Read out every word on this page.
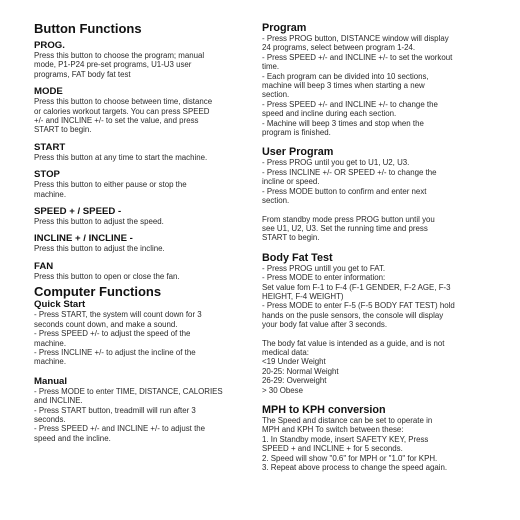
Button Functions
PROG.
Press this button to choose the program; manual
mode, P1-P24 pre-set programs, U1-U3 user
programs, FAT body fat test
MODE
Press this button to choose between time, distance
or calories workout targets. You can press SPEED
+/- and INCLINE +/- to set the value, and press
START to begin.
START
Press this button at any time to start the machine.
STOP
Press this button to either pause or stop the
machine.
SPEED + / SPEED -
Press this button to adjust the speed.
INCLINE + / INCLINE -
Press this button to adjust the incline.
FAN
Press this button to open or close the fan.
Computer Functions
Quick Start
- Press START, the system will count down for 3
seconds count down, and make a sound.
- Press SPEED +/- to adjust the speed of the
machine.
- Press INCLINE +/- to adjust the incline of the
machine.
Manual
- Press MODE to enter TIME, DISTANCE, CALORIES
and INCLINE.
- Press START button, treadmill will run after 3
seconds.
- Press SPEED +/- and INCLINE +/- to adjust the
speed and the incline.
Program
- Press PROG button, DISTANCE window will display
24 programs, select between program 1-24.
- Press SPEED +/- and INCLINE +/- to set the workout
time.
- Each program can be divided into 10 sections,
machine will beep 3 times when starting a new
section.
- Press SPEED +/- and INCLINE +/- to change the
speed and incline during each section.
- Machine will beep 3 times and stop when the
program is finished.
User Program
- Press PROG until you get to U1, U2, U3.
- Press INCLINE +/- OR SPEED +/- to change the
incline or speed.
- Press MODE button to confirm and enter next
section.
From standby mode press PROG button until you
see U1, U2, U3. Set the running time and press
START to begin.
Body Fat Test
- Press PROG untill you get to FAT.
- Press MODE to enter information:
Set value fom F-1 to F-4 (F-1 GENDER, F-2 AGE, F-3
HEIGHT, F-4 WEIGHT)
- Press MODE to enter F-5 (F-5 BODY FAT TEST) hold
hands on the pusle sensors, the console will display
your body fat value after 3 seconds.
The body fat value is intended as a guide, and is not
medical data:
<19 Under Weight
20-25: Normal Weight
26-29: Overweight
> 30 Obese
MPH to KPH conversion
The Speed and distance can be set to operate in
MPH and KPH To switch between these:
1. In Standby mode, insert SAFETY KEY, Press
SPEED + and INCLINE + for 5 seconds.
2. Speed will show "0.6" for MPH or "1.0" for KPH.
3. Repeat above process to change the speed again.
